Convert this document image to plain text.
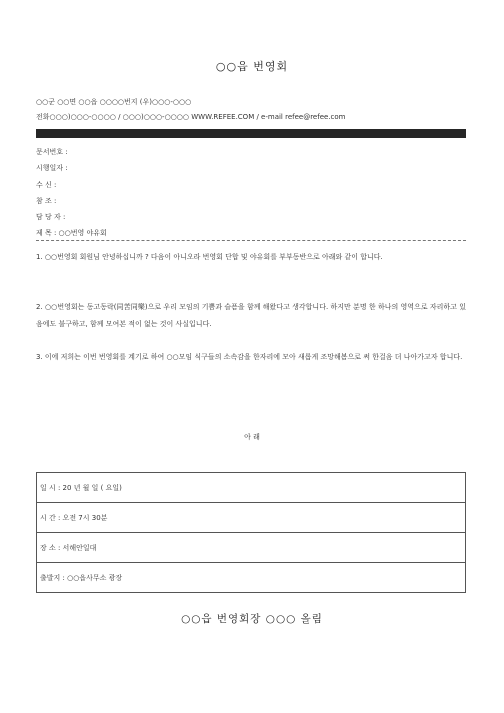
○○읍 번영회
○○군 ○○면 ○○읍 ○○○○번지 (우)○○○-○○○
전화○○○)○○○-○○○○ / ○○○)○○○-○○○○ WWW.REFEE.COM / e-mail refee@refee.com
문서번호 :
시행일자 :
수 신 :
참 조 :
담 당 자 :
제 목 : ○○번영 야유회
1. ○○번영회 회원님 안녕하십니까 ? 다음이 아니오라 번영회 단합 및 야유회를 부부동반으로 아래와 같이 합니다.
2. ○○번영회는 동고동락(同苦同樂)으로 우리 모임의 기쁨과 슬픔을 함께 해왔다고 생각합니다. 하지만 분명 한 하나의 영역으로 자리하고 있음에도 불구하고, 함께 모여본 적이 없는 것이 사실입니다.
3. 이에 저희는 이번 번영회를 계기로 하여 ○○모임 식구들의 소속감을 한자리에 모아 새롭게 조망해봄으로 써 한걸음 더 나아가고자 합니다.
아 래
일 시 : 20 년 월 일 ( 요일)
시 간 : 오전 7시 30분
장 소 : 서해안일대
출발지 : ○○읍사무소 광장
○○읍 번영회장 ○○○ 올림
